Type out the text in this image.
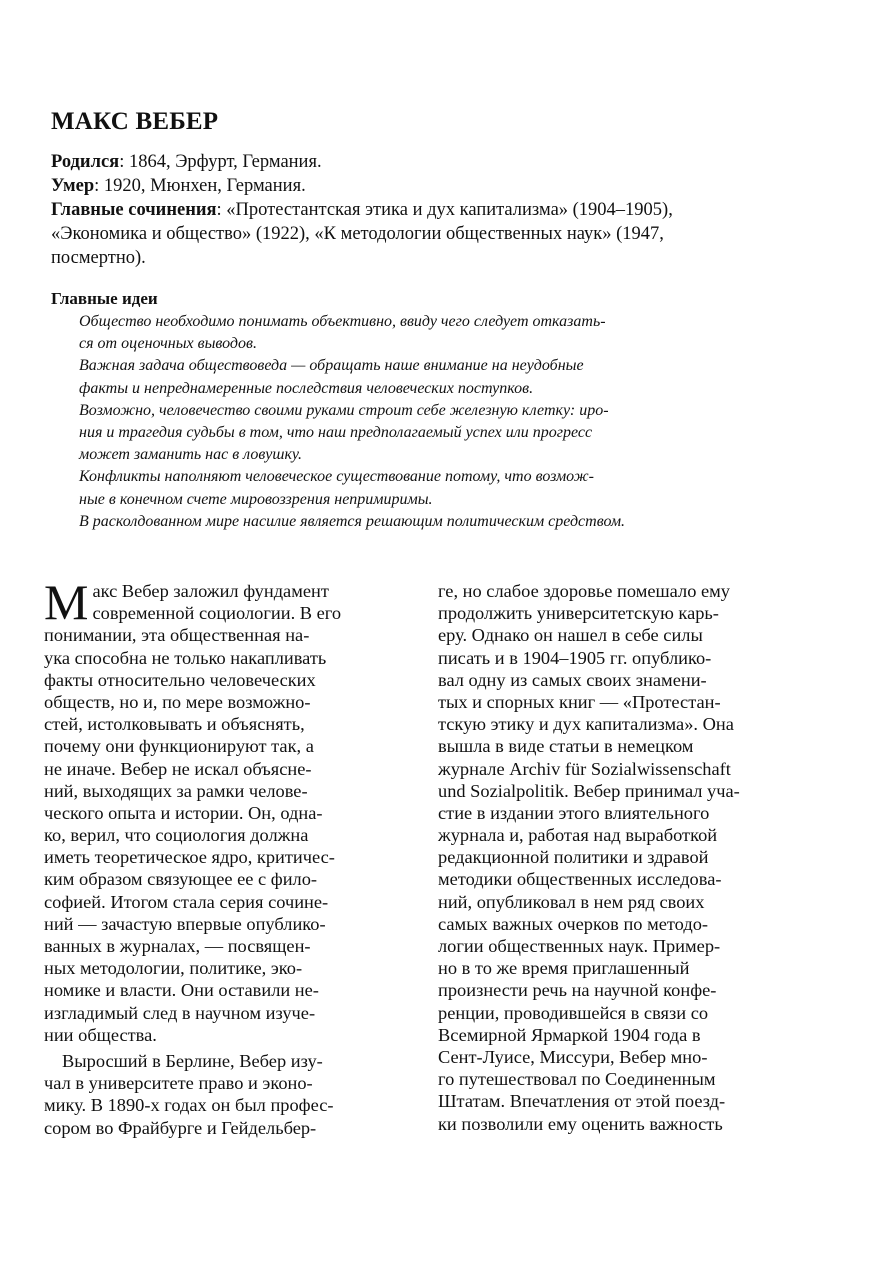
МАКС ВЕБЕР
Родился: 1864, Эрфурт, Германия.
Умер: 1920, Мюнхен, Германия.
Главные сочинения: «Протестантская этика и дух капитализма» (1904–1905),
«Экономика и общество» (1922), «К методологии общественных наук» (1947,
посмертно).
Главные идеи
Общество необходимо понимать объективно, ввиду чего следует отказать-
ся от оценочных выводов.
Важная задача обществоведа — обращать наше внимание на неудобные
факты и непреднамеренные последствия человеческих поступков.
Возможно, человечество своими руками строит себе железную клетку: иро-
ния и трагедия судьбы в том, что наш предполагаемый успех или прогресс
может заманить нас в ловушку.
Конфликты наполняют человеческое существование потому, что возмож-
ные в конечном счете мировоззрения непримиримы.
В расколдованном мире насилие является решающим политическим средством.
М акс Вебер заложил фундамент
современной социологии. В его
понимании, эта общественная на-
ука способна не только накапливать
факты относительно человеческих
обществ, но и, по мере возможно-
стей, истолковывать и объяснять,
почему они функционируют так, а
не иначе. Вебер не искал объясне-
ний, выходящих за рамки челове-
ческого опыта и истории. Он, одна-
ко, верил, что социология должна
иметь теоретическое ядро, критичес-
ким образом связующее ее с фило-
софией. Итогом стала серия сочине-
ний — зачастую впервые опублико-
ванных в журналах, — посвящен-
ных методологии, политике, эко-
номике и власти. Они оставили не-
изгладимый след в научном изуче-
нии общества.
Выросший в Берлине, Вебер изу-
чал в университете право и эконо-
мику. В 1890-х годах он был профес-
сором во Фрайбурге и Гейдельбер-
ге, но слабое здоровье помешало ему
продолжить университетскую карь-
еру. Однако он нашел в себе силы
писать и в 1904–1905 гг. опублико-
вал одну из самых своих знамени-
тых и спорных книг — «Протестан-
тскую этику и дух капитализма». Она
вышла в виде статьи в немецком
журнале Archiv für Sozialwissenschaft
und Sozialpolitik. Вебер принимал уча-
стие в издании этого влиятельного
журнала и, работая над выработкой
редакционной политики и здравой
методики общественных исследова-
ний, опубликовал в нем ряд своих
самых важных очерков по методо-
логии общественных наук. Пример-
но в то же время приглашенный
произнести речь на научной конфе-
ренции, проводившейся в связи со
Всемирной Ярмаркой 1904 года в
Сент-Луисе, Миссури, Вебер мно-
го путешествовал по Соединенным
Штатам. Впечатления от этой поезд-
ки позволили ему оценить важность
